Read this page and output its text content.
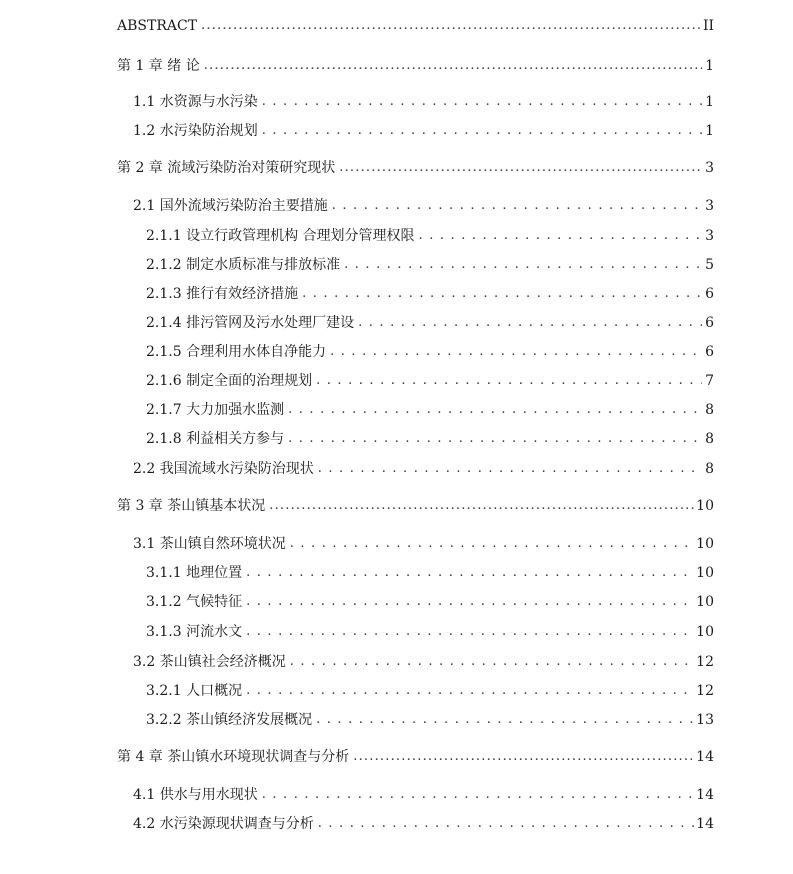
ABSTRACT .....	II
第 1 章 绪 论 .....	1
1.1 水资源与水污染 . . .	1
1.2 水污染防治规划 . . .	1
第 2 章 流域污染防治对策研究现状 .....	3
2.1 国外流域污染防治主要措施 . . .	3
2.1.1 设立行政管理机构 合理划分管理权限 . . .	3
2.1.2 制定水质标准与排放标准 . . .	5
2.1.3 推行有效经济措施 . . .	6
2.1.4 排污管网及污水处理厂建设 . . .	6
2.1.5 合理利用水体自净能力 . . .	6
2.1.6 制定全面的治理规划 . . .	7
2.1.7 大力加强水监测 . . .	8
2.1.8 利益相关方参与 . . .	8
2.2 我国流域水污染防治现状 . . .	8
第 3 章 茶山镇基本状况 .....	10
3.1 茶山镇自然环境状况 . . .	10
3.1.1 地理位置 . . .	10
3.1.2 气候特征 . . .	10
3.1.3 河流水文 . . .	10
3.2 茶山镇社会经济概况 . . .	12
3.2.1 人口概况 . . .	12
3.2.2 茶山镇经济发展概况 . . .	13
第 4 章 茶山镇水环境现状调查与分析 .....	14
4.1 供水与用水现状 . . .	14
4.2 水污染源现状调查与分析 . . .	14
